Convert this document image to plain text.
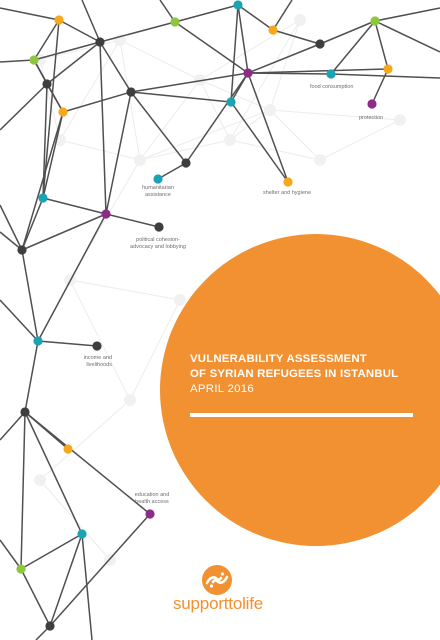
food consumption
protection
humanitarian
assistance	shelter and hygiene
political cohesion-
advocacy and lobbying
income and
livelihoods
education and
health access
VULNERABILITY ASSESSMENT
OF SYRIAN REFUGEES IN ISTANBUL
APRIL 2016
supporttolife
